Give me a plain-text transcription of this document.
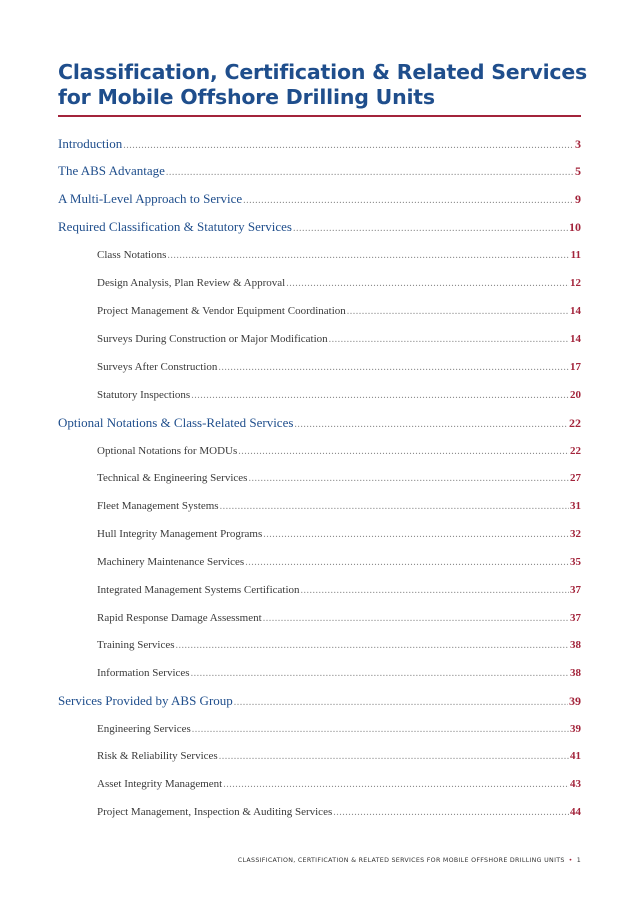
Classification, Certification & Related Services
for Mobile Offshore Drilling Units
Introduction .....	3
The ABS Advantage .....	5
A Multi-Level Approach to Service .....	9
Required Classification & Statutory Services .....	10
Class Notations .....	11
Design Analysis, Plan Review & Approval .....	12
Project Management & Vendor Equipment Coordination .....	14
Surveys During Construction or Major Modification .....	14
Surveys After Construction .....	17
Statutory Inspections .....	20
Optional Notations & Class-Related Services .....	22
Optional Notations for MODUs .....	22
Technical & Engineering Services .....	27
Fleet Management Systems .....	31
Hull Integrity Management Programs .....	32
Machinery Maintenance Services .....	35
Integrated Management Systems Certification .....	37
Rapid Response Damage Assessment .....	37
Training Services .....	38
Information Services .....	38
Services Provided by ABS Group .....	39
Engineering Services .....	39
Risk & Reliability Services .....	41
Asset Integrity Management .....	43
Project Management, Inspection & Auditing Services .....	44
CLASSIFICATION, CERTIFICATION & RELATED SERVICES FOR MOBILE OFFSHORE DRILLING UNITS • 1
